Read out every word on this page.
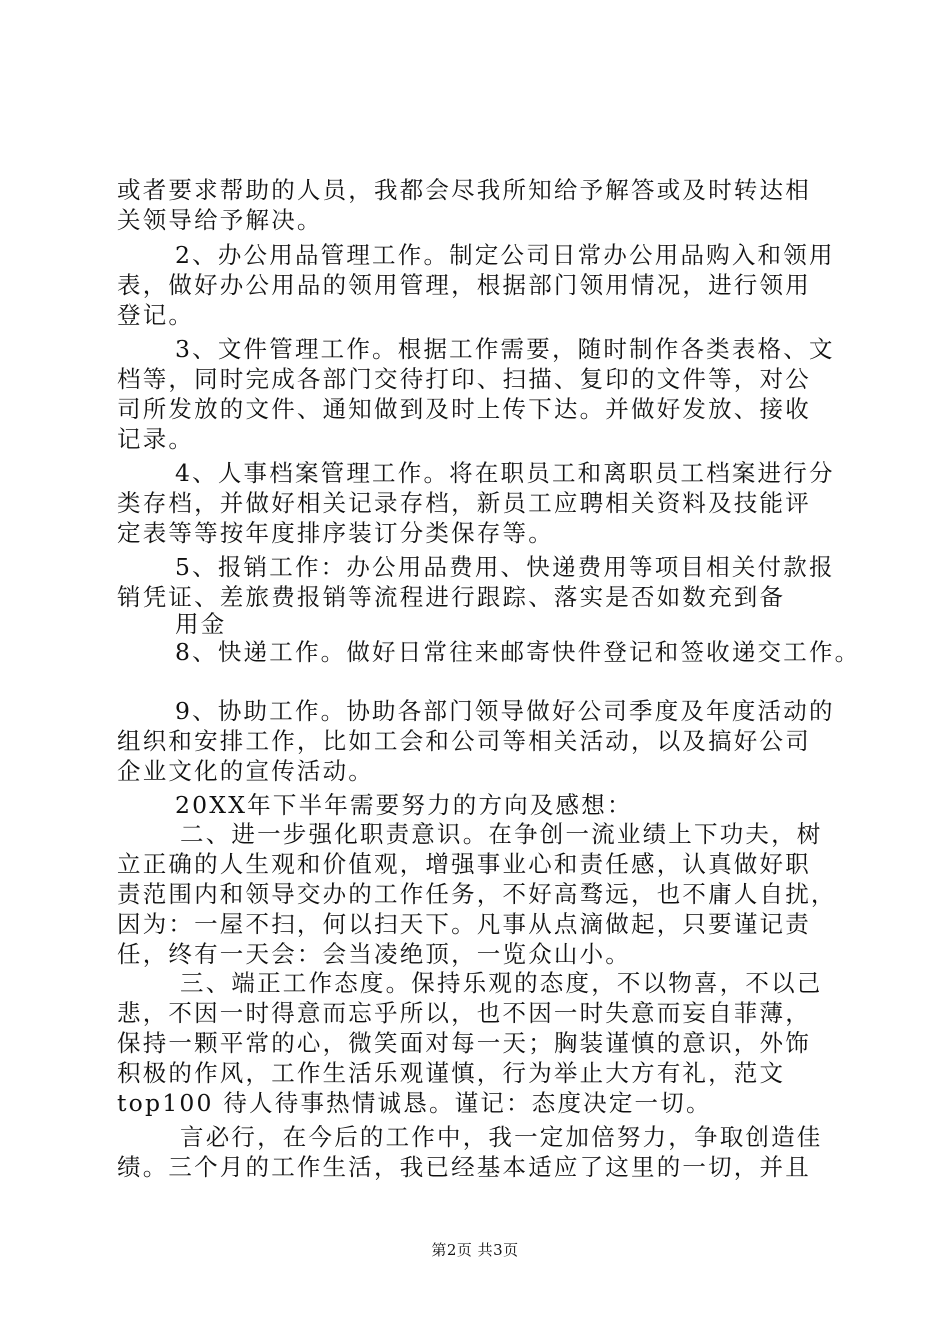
或者要求帮助的人员，我都会尽我所知给予解答或及时转达相
关领导给予解决。
2、办公用品管理工作。制定公司日常办公用品购入和领用
表，做好办公用品的领用管理，根据部门领用情况，进行领用
登记。
3、文件管理工作。根据工作需要，随时制作各类表格、文
档等，同时完成各部门交待打印、扫描、复印的文件等，对公
司所发放的文件、通知做到及时上传下达。并做好发放、接收
记录。
4、人事档案管理工作。将在职员工和离职员工档案进行分
类存档，并做好相关记录存档，新员工应聘相关资料及技能评
定表等等按年度排序装订分类保存等。
5、报销工作：办公用品费用、快递费用等项目相关付款报
销凭证、差旅费报销等流程进行跟踪、落实是否如数充到备
用金
8、快递工作。做好日常往来邮寄快件登记和签收递交工作。
9、协助工作。协助各部门领导做好公司季度及年度活动的
组织和安排工作，比如工会和公司等相关活动，以及搞好公司
企业文化的宣传活动。
20XX年下半年需要努力的方向及感想：
二、进一步强化职责意识。在争创一流业绩上下功夫，树
立正确的人生观和价值观，增强事业心和责任感，认真做好职
责范围内和领导交办的工作任务，不好高骛远，也不庸人自扰，
因为：一屋不扫，何以扫天下。凡事从点滴做起，只要谨记责
任，终有一天会：会当凌绝顶，一览众山小。
三、端正工作态度。保持乐观的态度，不以物喜，不以己
悲，不因一时得意而忘乎所以，也不因一时失意而妄自菲薄，
保持一颗平常的心，微笑面对每一天；胸装谨慎的意识，外饰
积极的作风，工作生活乐观谨慎，行为举止大方有礼，范文
top100 待人待事热情诚恳。谨记：态度决定一切。
言必行，在今后的工作中，我一定加倍努力，争取创造佳
绩。三个月的工作生活，我已经基本适应了这里的一切，并且
第2页 共3页
